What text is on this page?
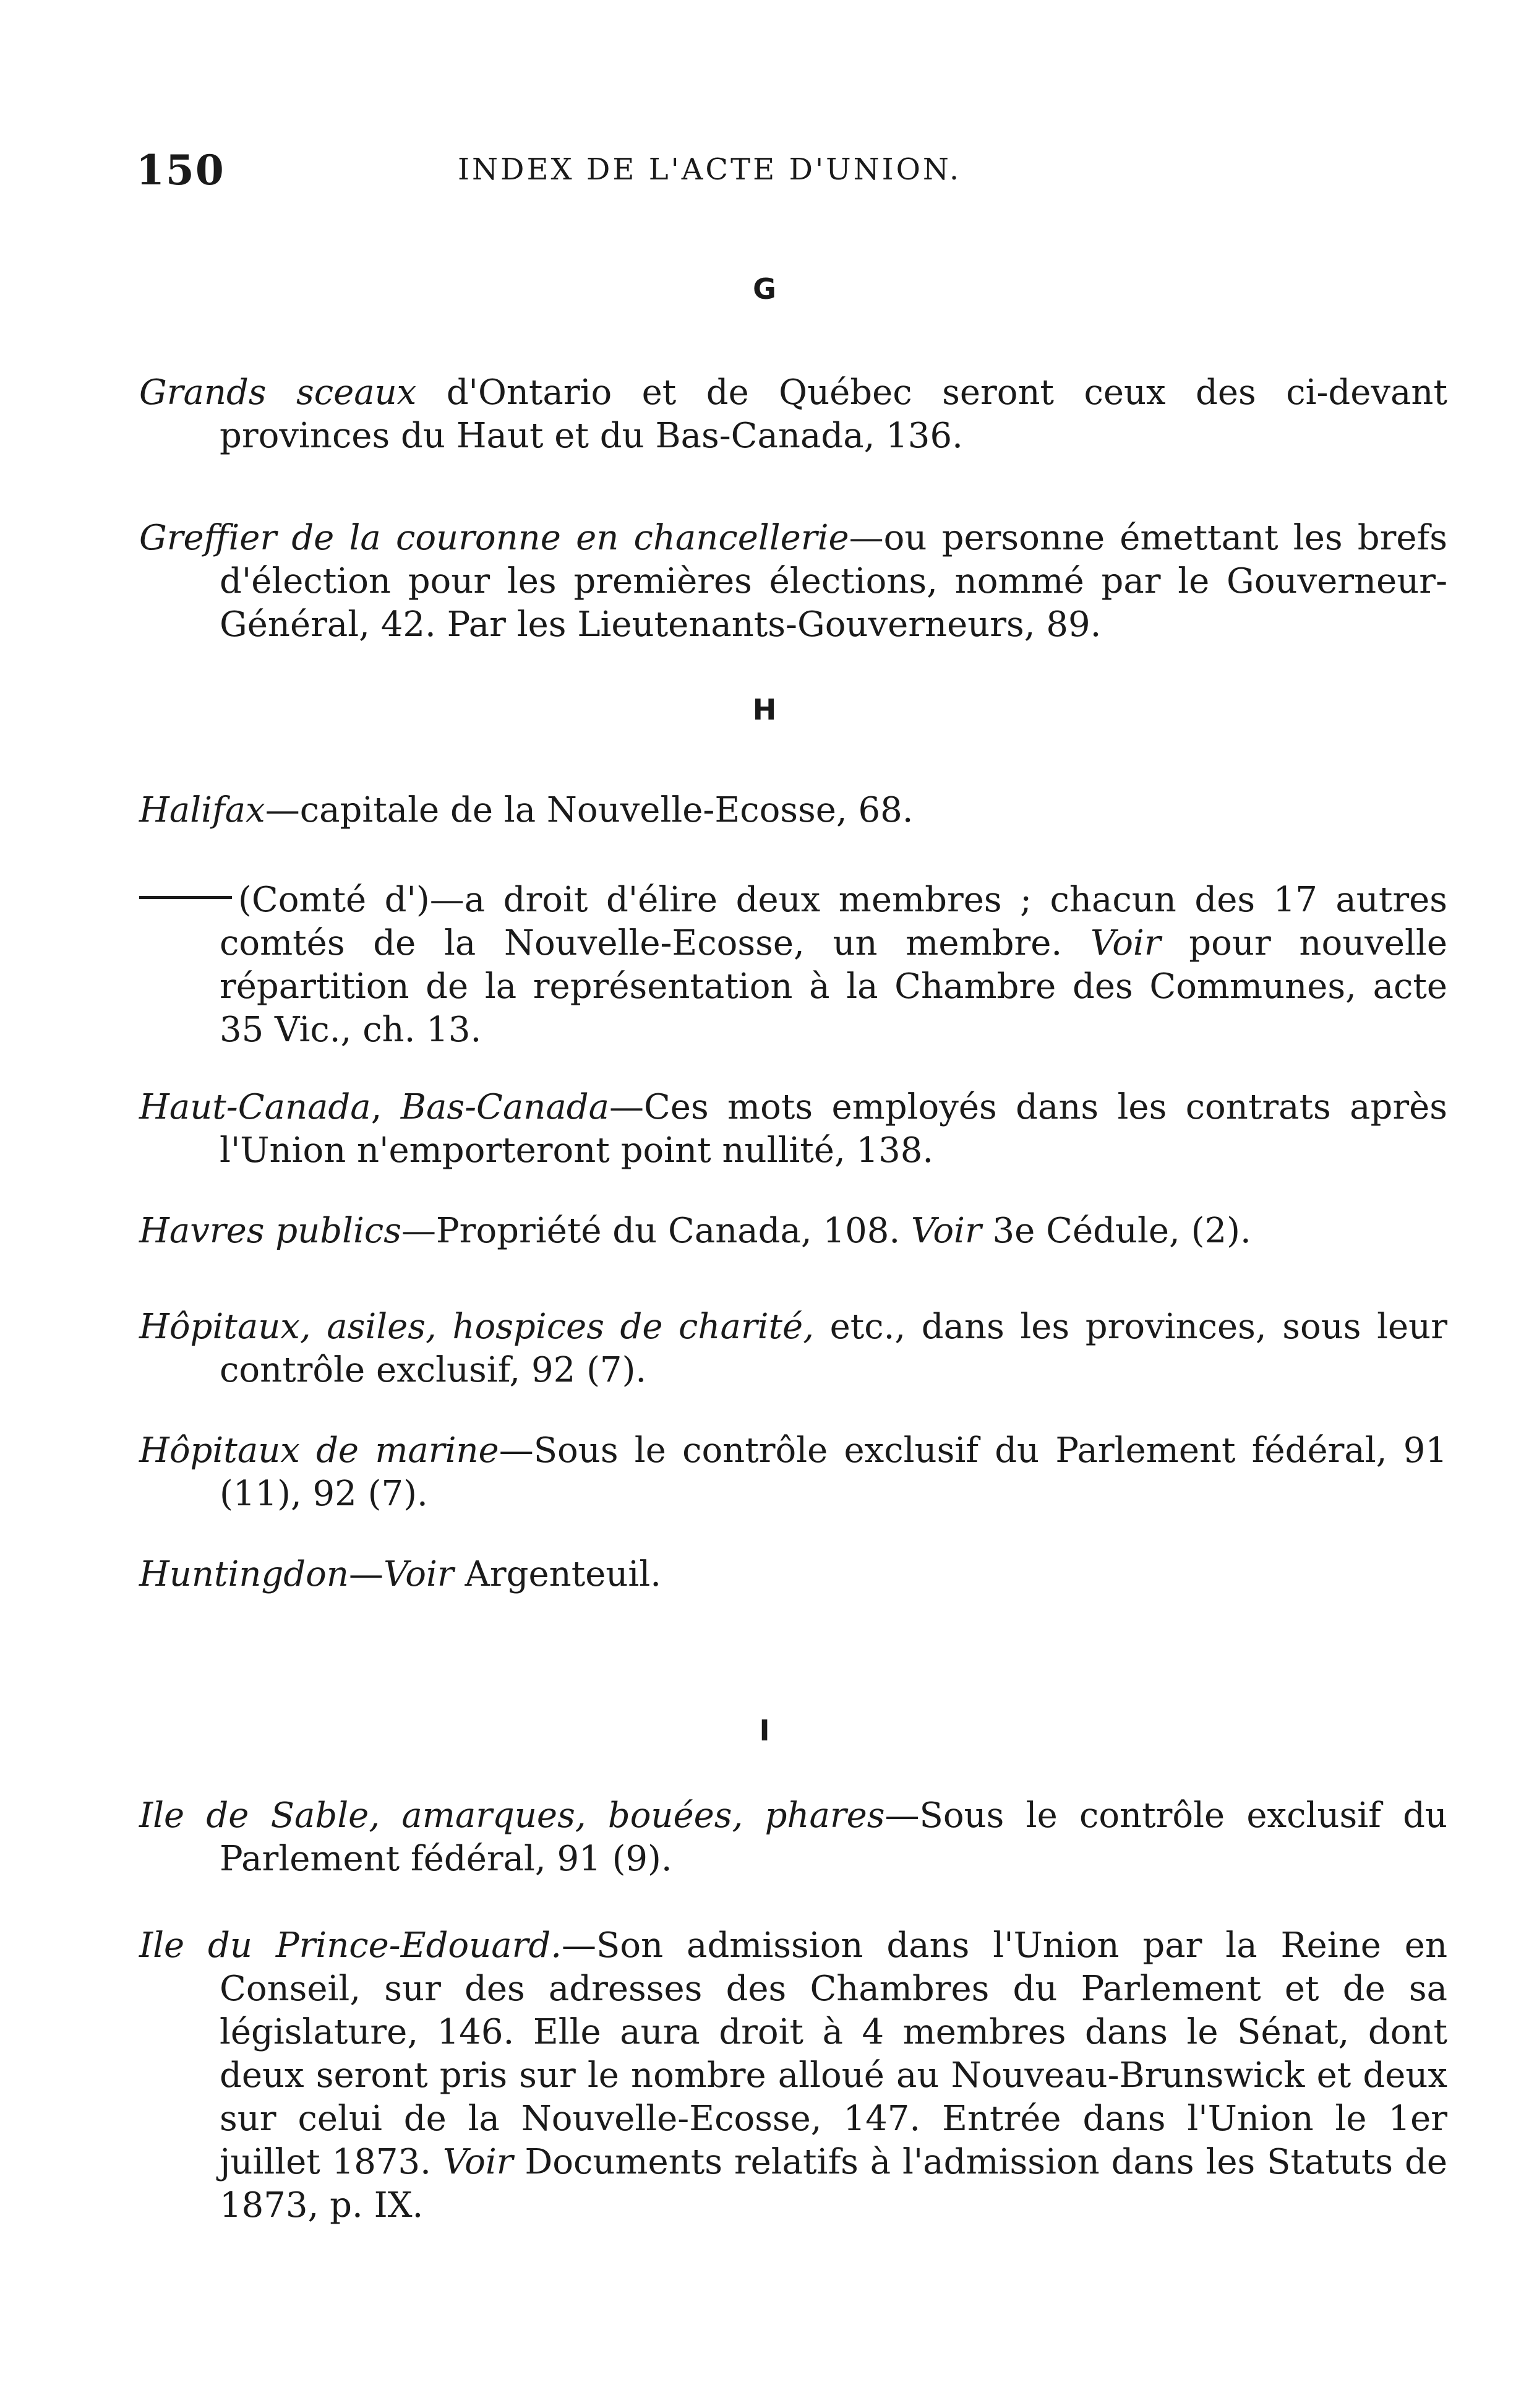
150	INDEX DE L'ACTE D'UNION.
G

Grands sceaux d'Ontario et de Québec seront ceux des ci-devant provinces du Haut et du Bas-Canada, 136.

Greffier de la couronne en chancellerie—ou personne émettant les brefs d'élection pour les premières élections, nommé par le Gouverneur-Général, 42. Par les Lieutenants-Gouverneurs, 89.

H

Halifax—capitale de la Nouvelle-Ecosse, 68.

(Comté d')—a droit d'élire deux membres ; chacun des 17 autres comtés de la Nouvelle-Ecosse, un membre. Voir pour nouvelle répartition de la représentation à la Chambre des Communes, acte 35 Vic., ch. 13.

Haut-Canada, Bas-Canada—Ces mots employés dans les contrats après l'Union n'emporteront point nullité, 138.

Havres publics—Propriété du Canada, 108. Voir 3e Cédule, (2).

Hôpitaux, asiles, hospices de charité, etc., dans les provinces, sous leur contrôle exclusif, 92 (7).

Hôpitaux de marine—Sous le contrôle exclusif du Parlement fédéral, 91 (11), 92 (7).

Huntingdon—Voir Argenteuil.

I

Ile de Sable, amarques, bouées, phares—Sous le contrôle exclusif du Parlement fédéral, 91 (9).

Ile du Prince-Edouard.—Son admission dans l'Union par la Reine en Conseil, sur des adresses des Chambres du Parlement et de sa législature, 146. Elle aura droit à 4 membres dans le Sénat, dont deux seront pris sur le nombre alloué au Nouveau-Brunswick et deux sur celui de la Nouvelle-Ecosse, 147. Entrée dans l'Union le 1er juillet 1873. Voir Documents relatifs à l'admission dans les Statuts de 1873, p. IX.
